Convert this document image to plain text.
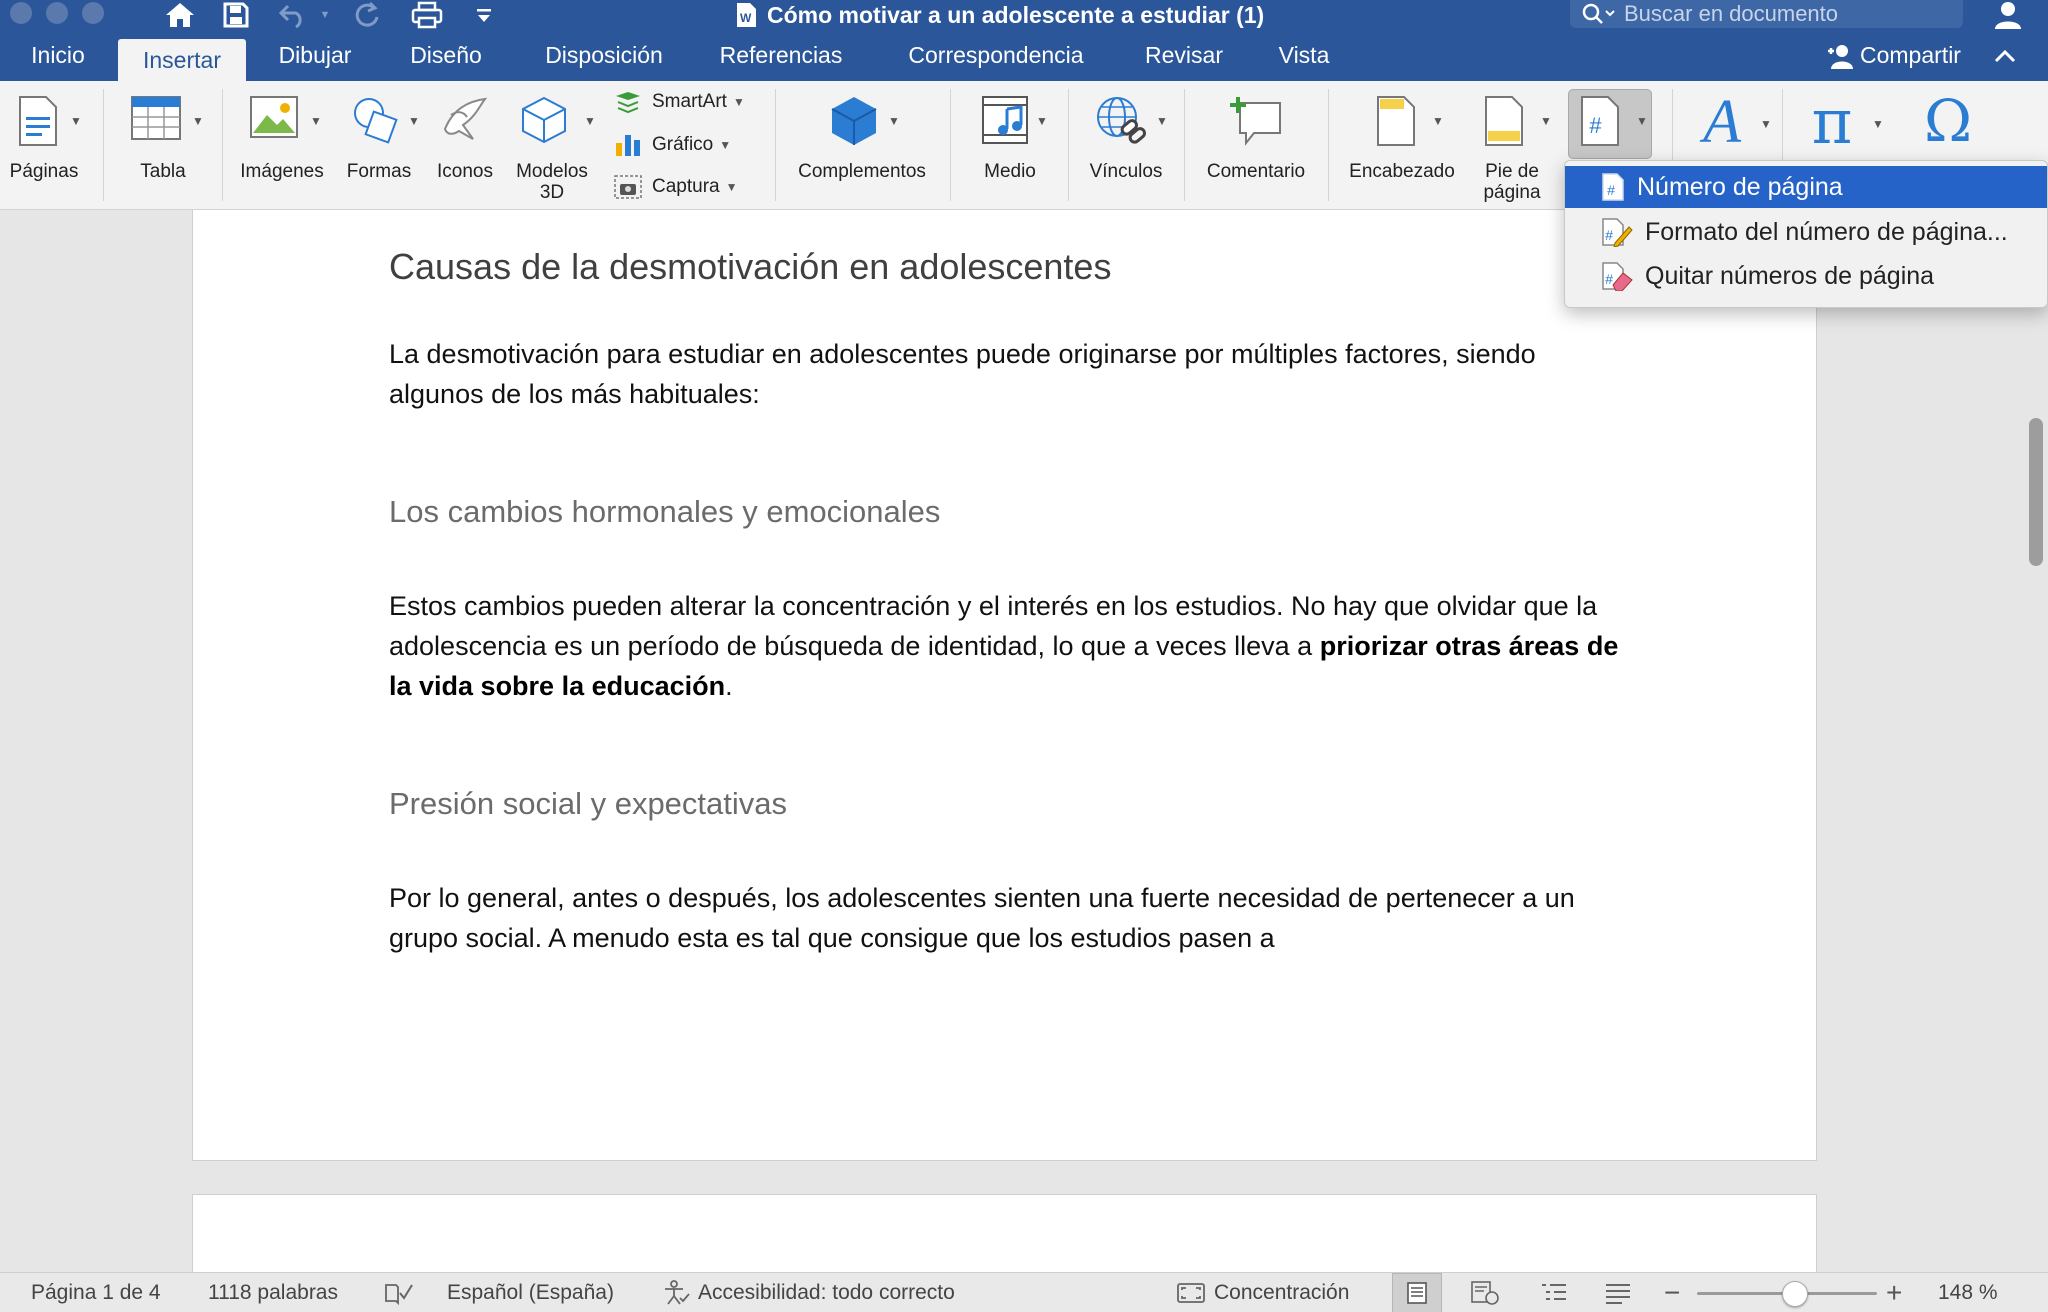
▼	W Cómo motivar a un adolescente a estudiar (1)	Buscar en documento
Inicio	Insertar	Dibujar	Diseño	Disposición	Referencias	Correspondencia	Revisar	Vista	Compartir
▼
Páginas
▼
Tabla
▼
Imágenes
▼
Formas	Iconos
▼
Modelos
3D
SmartArt ▼
Gráfico ▼
Captura ▼
▼
Complementos
▼
Medio
▼
Vínculos	Comentario
▼
Encabezado
▼
Pie de
página
#	▼ A ▼ π ▼ Ω
Causas de la desmotivación en adolescentes
La desmotivación para estudiar en adolescentes puede originarse por múltiples factores, siendo algunos de los más habituales:
Los cambios hormonales y emocionales
Estos cambios pueden alterar la concentración y el interés en los estudios. No hay que olvidar que la adolescencia es un período de búsqueda de identidad, lo que a veces lleva a priorizar otras áreas de la vida sobre la educación.
Presión social y expectativas
Por lo general, antes o después, los adolescentes sienten una fuerte necesidad de pertenecer a un grupo social. A menudo esta es tal que consigue que los estudios pasen a
# Número de página
# Formato del número de página...
# Quitar números de página
Página 1 de 4 1118 palabras	Español (España)	Accesibilidad: todo correcto	Concentración	−	+ 148 %
